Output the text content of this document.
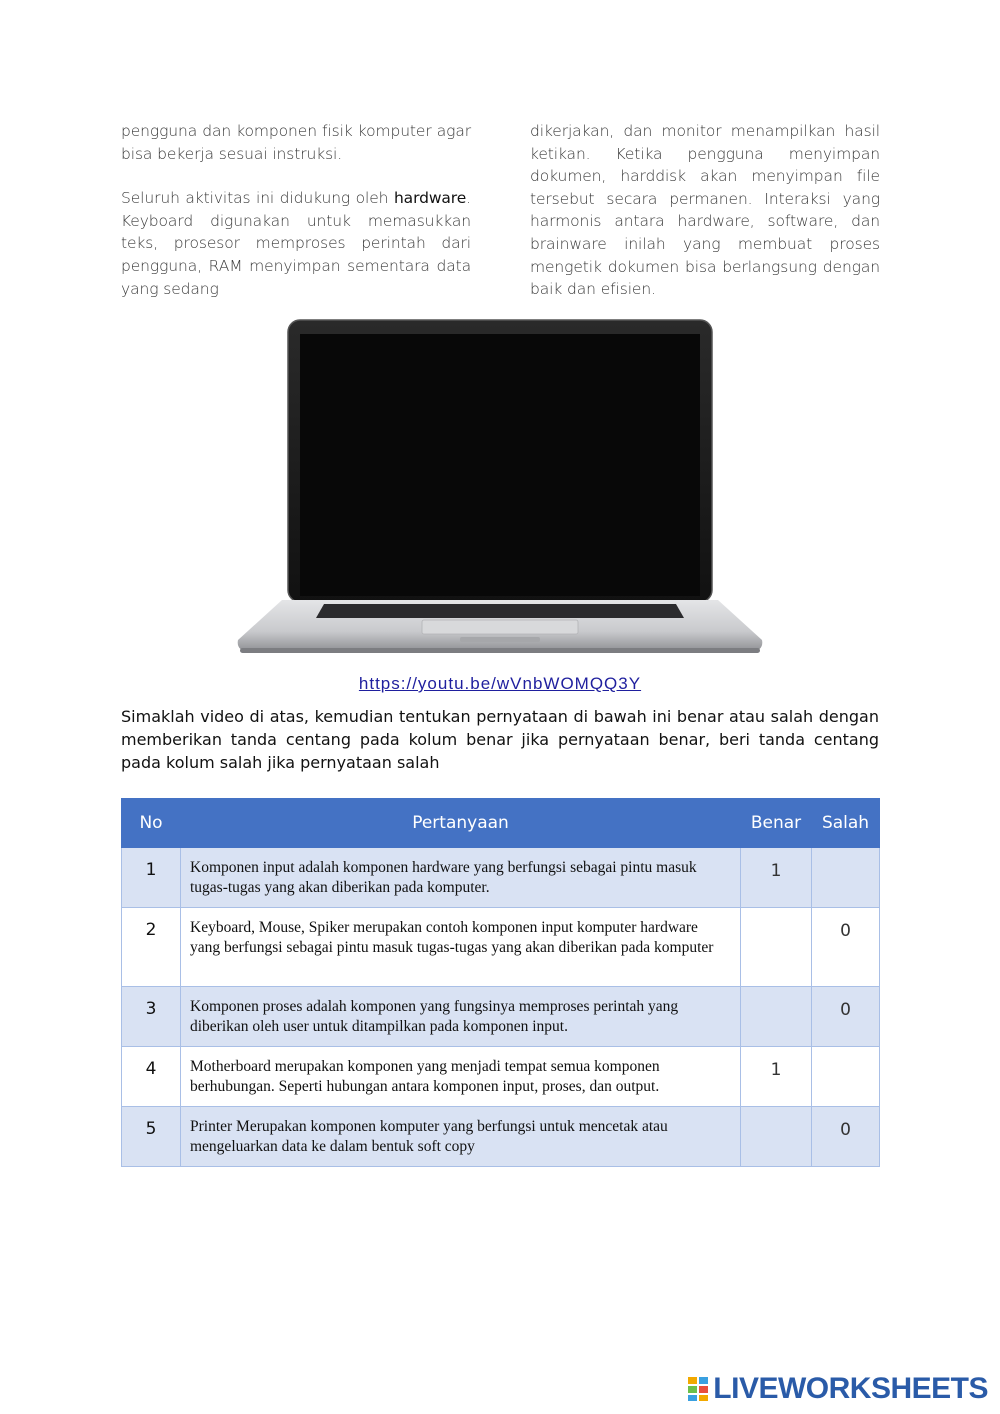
pengguna dan komponen fisik komputer agar bisa bekerja sesuai instruksi.

Seluruh aktivitas ini didukung oleh hardware. Keyboard digunakan untuk memasukkan teks, prosesor memproses perintah dari pengguna, RAM menyimpan sementara data yang sedang

dikerjakan, dan monitor menampilkan hasil ketikan. Ketika pengguna menyimpan dokumen, harddisk akan menyimpan file tersebut secara permanen. Interaksi yang harmonis antara hardware, software, dan brainware inilah yang membuat proses mengetik dokumen bisa berlangsung dengan baik dan efisien.

https://youtu.be/wVnbWOMQQ3Y

Simaklah video di atas, kemudian tentukan pernyataan di bawah ini benar atau salah dengan memberikan tanda centang pada kolum benar jika pernyataan benar, beri tanda centang pada kolum salah jika pernyataan salah

No	Pertanyaan	Benar	Salah
1	Komponen input adalah komponen hardware yang berfungsi sebagai pintu masuk tugas-tugas yang akan diberikan pada komputer.	1	
2	Keyboard, Mouse, Spiker merupakan contoh komponen input komputer hardware yang berfungsi sebagai pintu masuk tugas-tugas yang akan diberikan pada komputer		0
3	Komponen proses adalah komponen yang fungsinya memproses perintah yang diberikan oleh user untuk ditampilkan pada komponen input.		0
4	Motherboard merupakan komponen yang menjadi tempat semua komponen berhubungan. Seperti hubungan antara komponen input, proses, dan output.	1	
5	Printer Merupakan komponen komputer yang berfungsi untuk mencetak atau mengeluarkan data ke dalam bentuk soft copy		0
LIVEWORKSHEETS
